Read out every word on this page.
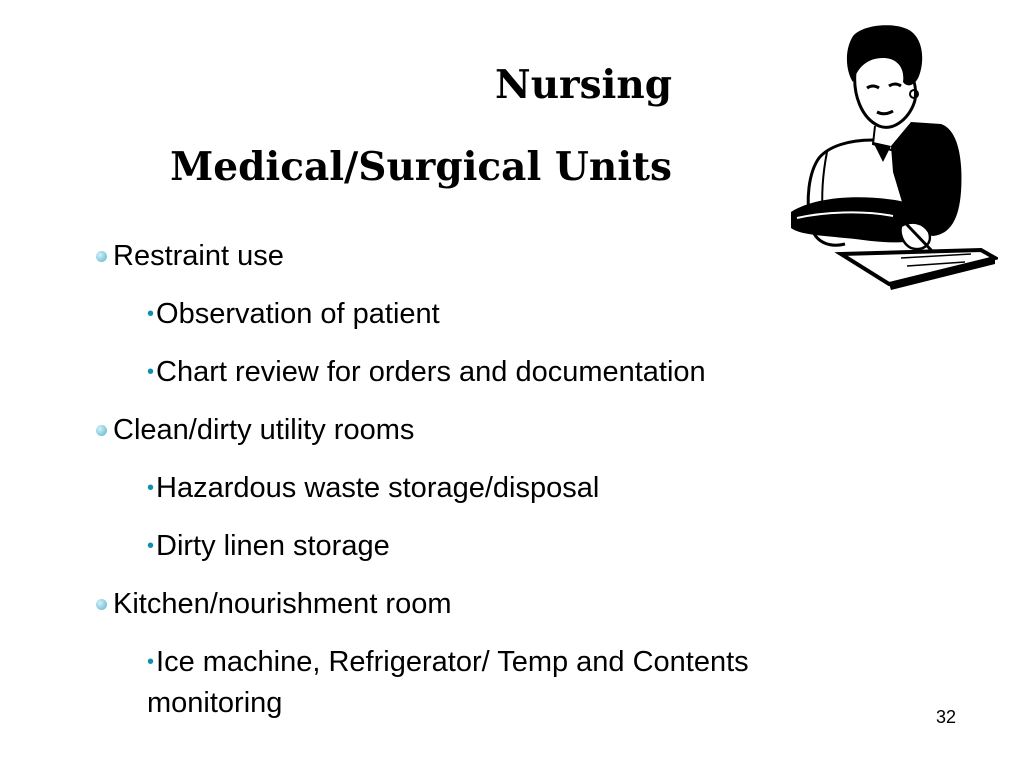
Nursing
Medical/Surgical Units
Restraint use
•Observation of patient
•Chart review for orders and documentation
Clean/dirty utility rooms
•Hazardous waste storage/disposal
•Dirty linen storage
Kitchen/nourishment room
•Ice machine, Refrigerator/ Temp and Contents
monitoring	32
